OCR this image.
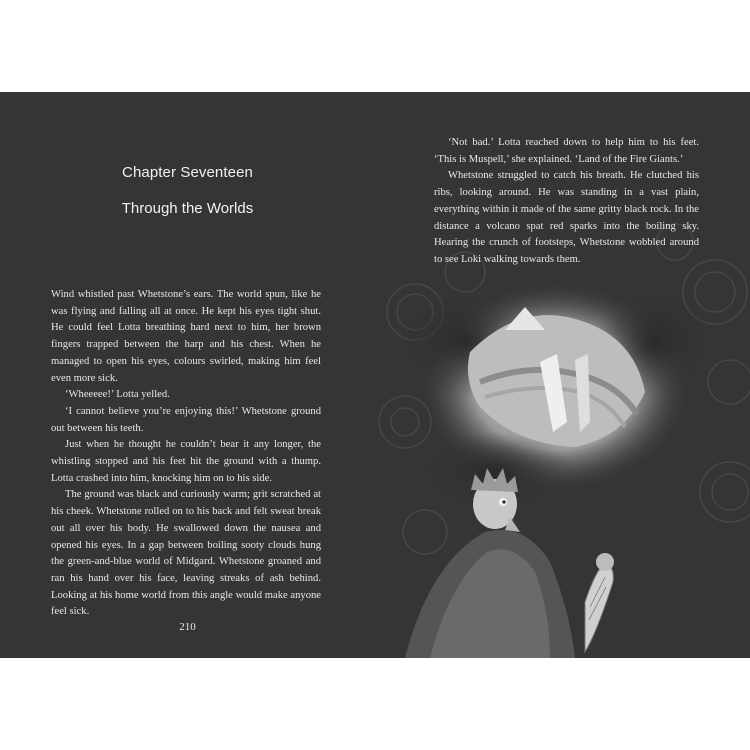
Chapter Seventeen
Through the Worlds

Wind whistled past Whetstone’s ears. The world spun, like he was flying and falling all at once. He kept his eyes tight shut. He could feel Lotta breathing hard next to him, her brown fingers trapped between the harp and his chest. When he managed to open his eyes, colours swirled, making him feel even more sick.

‘Wheeeee!’ Lotta yelled.

‘I cannot believe you’re enjoying this!’ Whetstone ground out between his teeth.

Just when he thought he couldn’t bear it any longer, the whistling stopped and his feet hit the ground with a thump. Lotta crashed into him, knocking him on to his side.

The ground was black and curiously warm; grit scratched at his cheek. Whetstone rolled on to his back and felt sweat break out all over his body. He swallowed down the nausea and opened his eyes. In a gap between boiling sooty clouds hung the green-and-blue world of Midgard. Whetstone groaned and ran his hand over his face, leaving streaks of ash behind. Looking at his home world from this angle would make anyone feel sick.

210

‘Not bad.’ Lotta reached down to help him to his feet. ‘This is Muspell,’ she explained. ‘Land of the Fire Giants.’

Whetstone struggled to catch his breath. He clutched his ribs, looking around. He was standing in a vast plain, everything within it made of the same gritty black rock. In the distance a volcano spat red sparks into the boiling sky. Hearing the crunch of footsteps, Whetstone wobbled around to see Loki walking towards them.
